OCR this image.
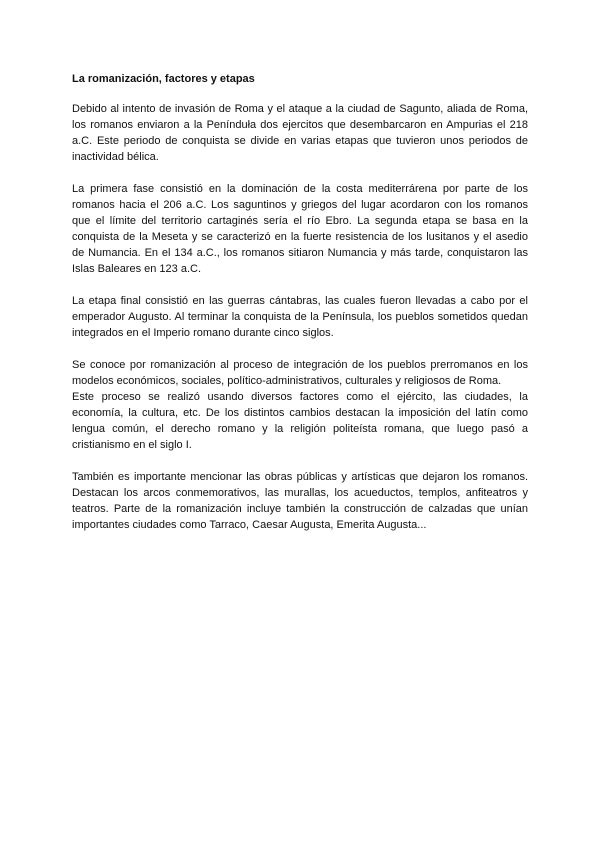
La romanización, factores y etapas

Debido al intento de invasión de Roma y el ataque a la ciudad de Sagunto, aliada de Roma, los romanos enviaron a la Penínduła dos ejercitos que desembarcaron en Ampurias el 218 a.C. Este periodo de conquista se divide en varias etapas que tuvieron unos periodos de inactividad bélica.

La primera fase consistió en la dominación de la costa mediterrárena por parte de los romanos hacia el 206 a.C. Los saguntinos y griegos del lugar acordaron con los romanos que el límite del territorio cartaginés sería el río Ebro. La segunda etapa se basa en la conquista de la Meseta y se caracterizó en la fuerte resistencia de los lusitanos y el asedio de Numancia. En el 134 a.C., los romanos sitiaron Numancia y más tarde, conquistaron las Islas Baleares en 123 a.C.

La etapa final consistió en las guerras cántabras, las cuales fueron llevadas a cabo por el emperador Augusto. Al terminar la conquista de la Península, los pueblos sometidos quedan integrados en el Imperio romano durante cinco siglos.

Se conoce por romanización al proceso de integración de los pueblos prerromanos en los modelos económicos, sociales, político-administrativos, culturales y religiosos de Roma.

Este proceso se realizó usando diversos factores como el ejército, las ciudades, la economía, la cultura, etc. De los distintos cambios destacan la imposición del latín como lengua común, el derecho romano y la religión politeísta romana, que luego pasó a cristianismo en el siglo I.

También es importante mencionar las obras públicas y artísticas que dejaron los romanos. Destacan los arcos conmemorativos, las murallas, los acueductos, templos, anfiteatros y teatros. Parte de la romanización incluye también la construcción de calzadas que unían importantes ciudades como Tarraco, Caesar Augusta, Emerita Augusta...
